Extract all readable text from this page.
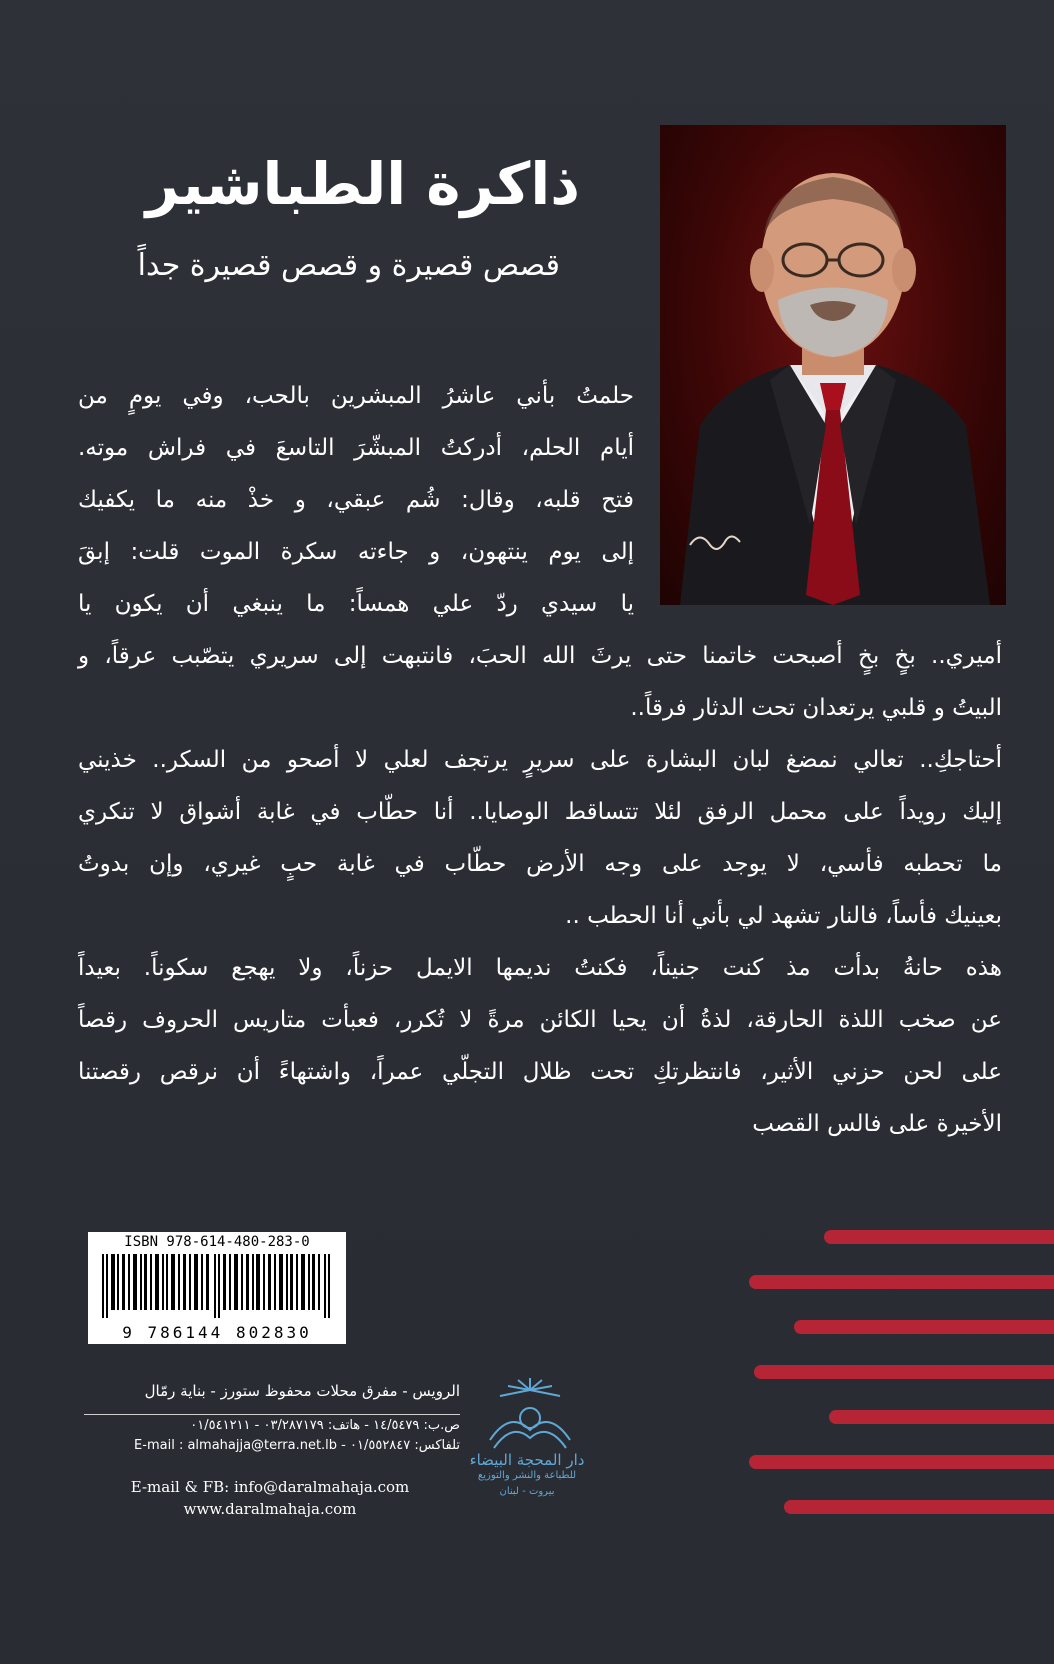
ذاكرة الطباشير
قصص قصيرة و قصص قصيرة جداً
حلمتُ بأني عاشرُ المبشرين بالحب، وفي يومٍ من
أيام الحلم، أدركتُ المبشّرَ التاسعَ في فراش موته.
فتح قلبه، وقال: شُم عبقي، و خذْ منه ما يكفيك
إلى يوم ينتهون، و جاءته سكرة الموت قلت: إبقَ
يا سيدي ردّ علي همساً: ما ينبغي أن يكون يا
أميري.. بخٍ بخٍ أصبحت خاتمنا حتى يرثَ الله الحبَ، فانتبهت إلى سريري يتصّبب عرقاً، و
البيتُ و قلبي يرتعدان تحت الدثار فرقاً..
أحتاجكِ.. تعالي نمضغ لبان البشارة على سريرٍ يرتجف لعلي لا أصحو من السكر.. خذيني
إليك رويداً على محمل الرفق لئلا تتساقط الوصايا.. أنا حطّاب في غابة أشواق لا تنكري
ما تحطبه فأسي، لا يوجد على وجه الأرض حطّاب في غابة حبٍ غيري، وإن بدوتُ
بعينيك فأساً، فالنار تشهد لي بأني أنا الحطب ..
هذه حانةُ بدأت مذ كنت جنيناً، فكنتُ نديمها الايمل حزناً، ولا يهجع سكوناً. بعيداً
عن صخب اللذة الحارقة، لذةُ أن يحيا الكائن مرةً لا تُكرر، فعبأت متاريس الحروف رقصاً
على لحن حزني الأثير، فانتظرتكِ تحت ظلال التجلّي عمراً، واشتهاءً أن نرقص رقصتنا
الأخيرة على فالس القصب
ISBN 978-614-480-283-0
9 786144 802830
دار المحجة البيضاء
للطباعة والنشر والتوزيع
بيروت - لبنان
الرويس - مفرق محلات محفوظ ستورز - بناية رمّال
ص.ب: ١٤/٥٤٧٩ - هاتف: ٠٣/٢٨٧١٧٩ - ٠١/٥٤١٢١١
تلفاكس: ٠١/٥٥٢٨٤٧ - E-mail : almahajja@terra.net.lb
E-mail & FB: info@daralmahaja.com
www.daralmahaja.com
